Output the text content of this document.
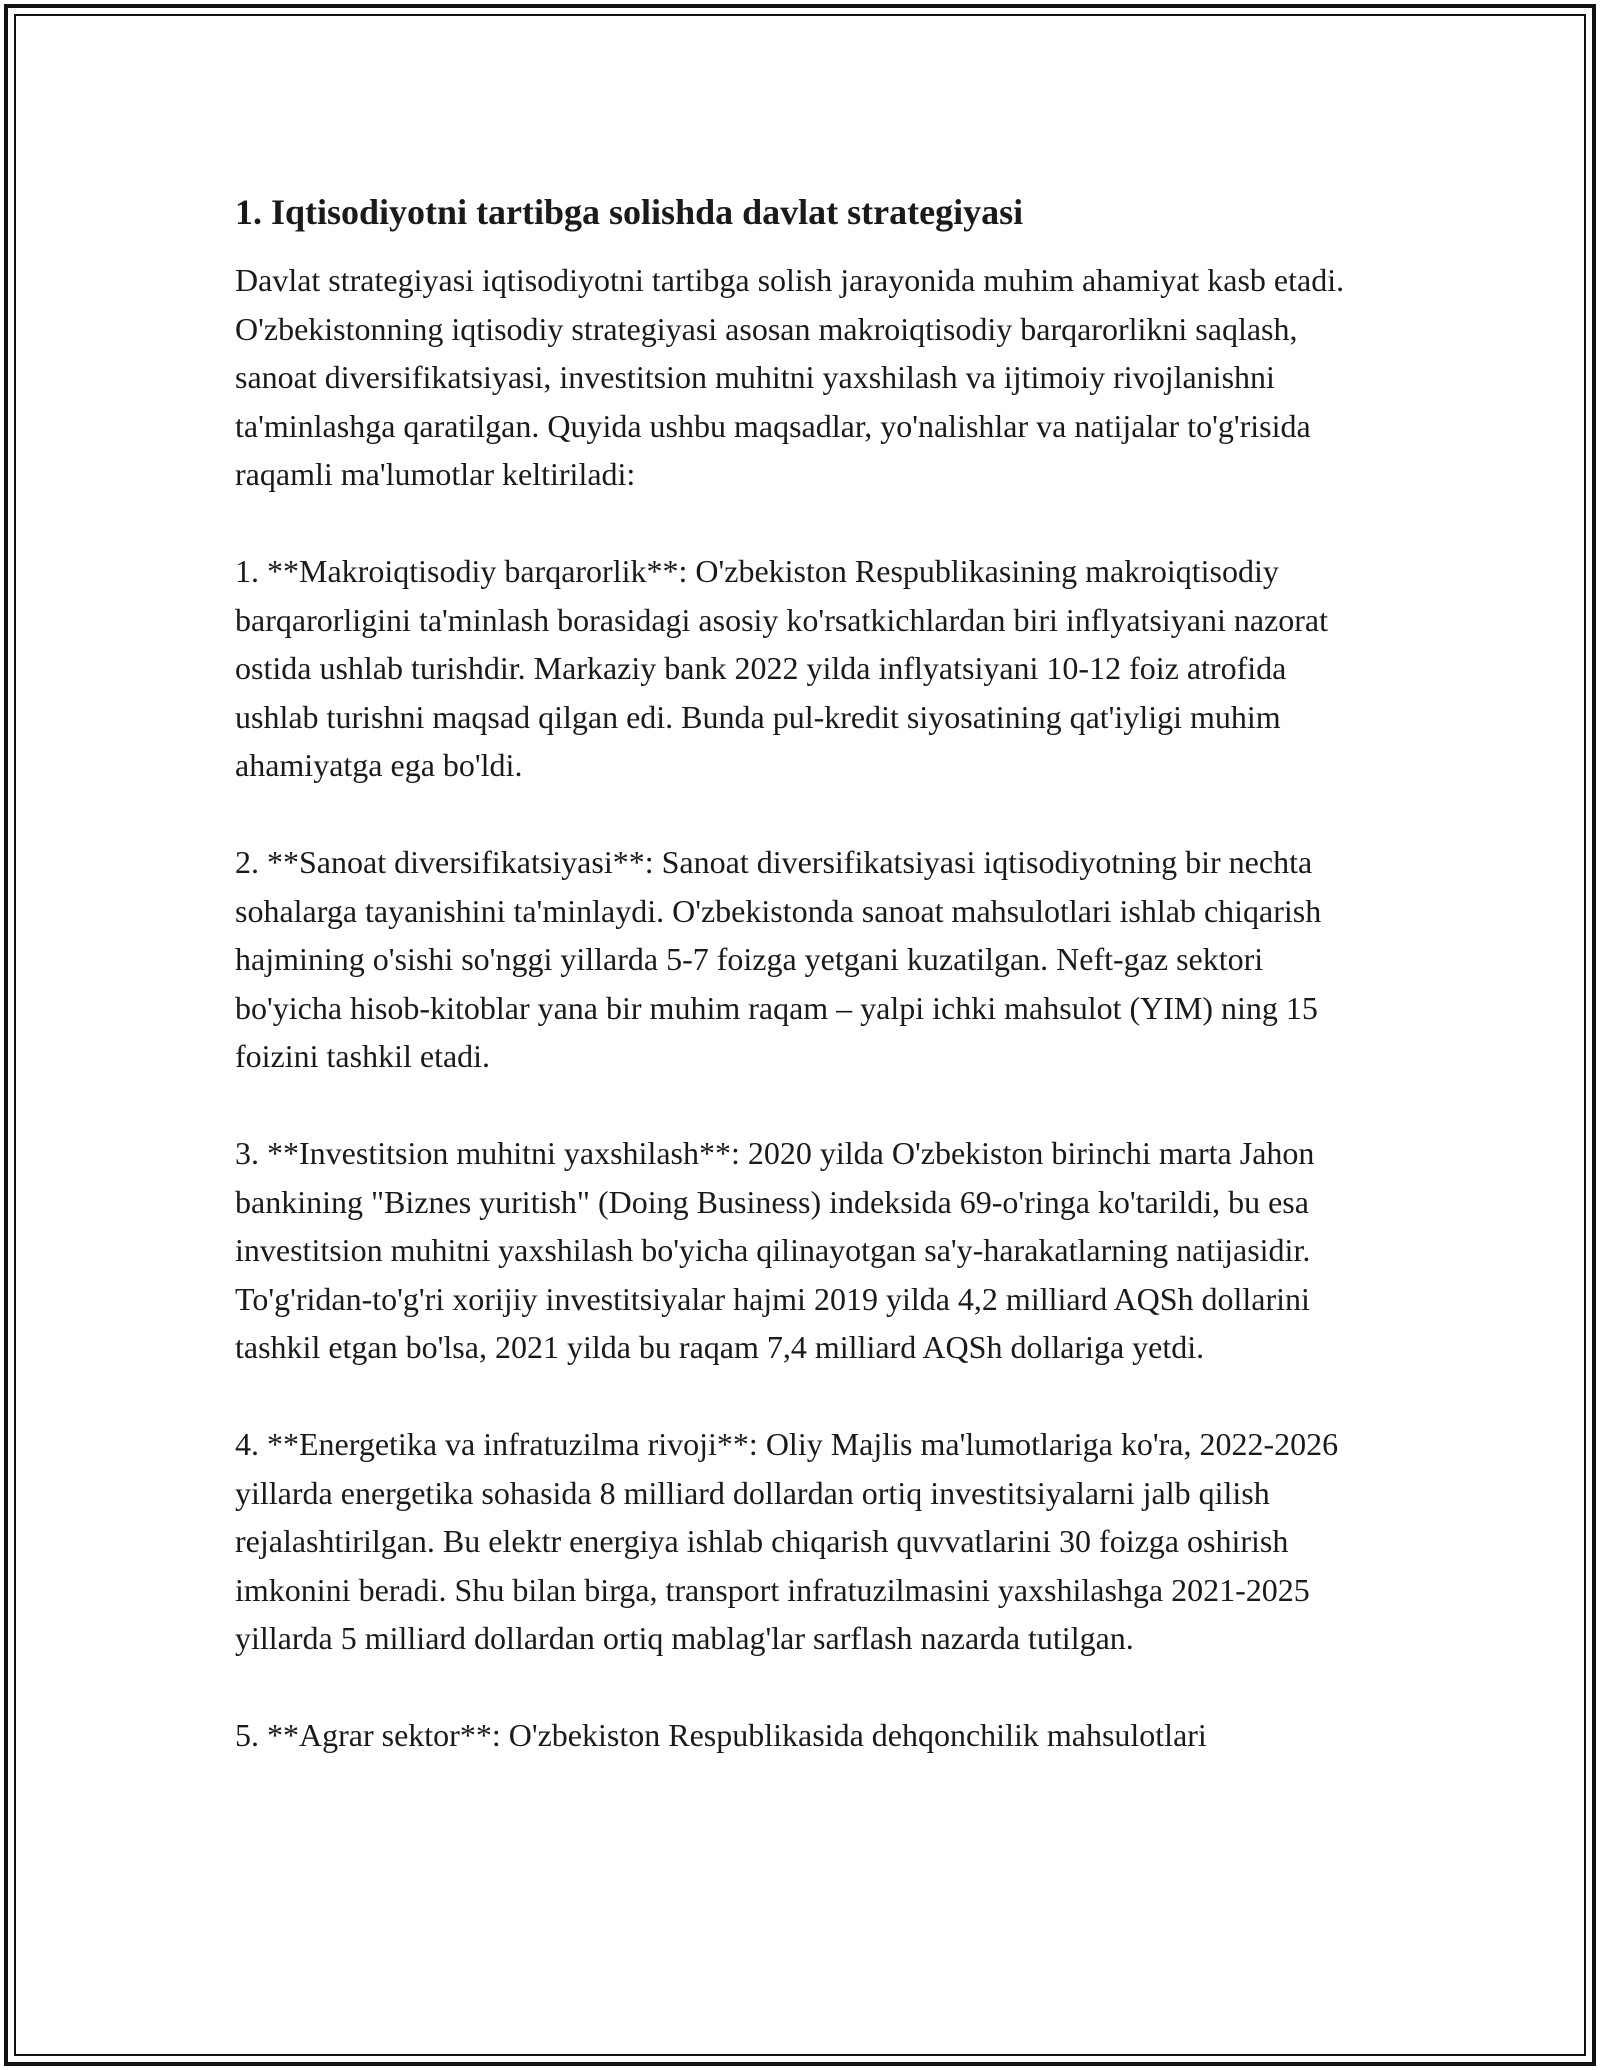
1. Iqtisodiyotni tartibga solishda davlat strategiyasi

Davlat strategiyasi iqtisodiyotni tartibga solish jarayonida muhim ahamiyat kasb etadi. O'zbekistonning iqtisodiy strategiyasi asosan makroiqtisodiy barqarorlikni saqlash, sanoat diversifikatsiyasi, investitsion muhitni yaxshilash va ijtimoiy rivojlanishni ta'minlashga qaratilgan. Quyida ushbu maqsadlar, yo'nalishlar va natijalar to'g'risida raqamli ma'lumotlar keltiriladi:

1. **Makroiqtisodiy barqarorlik**: O'zbekiston Respublikasining makroiqtisodiy barqarorligini ta'minlash borasidagi asosiy ko'rsatkichlardan biri inflyatsiyani nazorat ostida ushlab turishdir. Markaziy bank 2022 yilda inflyatsiyani 10-12 foiz atrofida ushlab turishni maqsad qilgan edi. Bunda pul-kredit siyosatining qat'iyligi muhim ahamiyatga ega bo'ldi.

2. **Sanoat diversifikatsiyasi**: Sanoat diversifikatsiyasi iqtisodiyotning bir nechta sohalarga tayanishini ta'minlaydi. O'zbekistonda sanoat mahsulotlari ishlab chiqarish hajmining o'sishi so'nggi yillarda 5-7 foizga yetgani kuzatilgan. Neft-gaz sektori bo'yicha hisob-kitoblar yana bir muhim raqam – yalpi ichki mahsulot (YIM) ning 15 foizini tashkil etadi.

3. **Investitsion muhitni yaxshilash**: 2020 yilda O'zbekiston birinchi marta Jahon bankining "Biznes yuritish" (Doing Business) indeksida 69-o'ringa ko'tarildi, bu esa investitsion muhitni yaxshilash bo'yicha qilinayotgan sa'y-harakatlarning natijasidir. To'g'ridan-to'g'ri xorijiy investitsiyalar hajmi 2019 yilda 4,2 milliard AQSh dollarini tashkil etgan bo'lsa, 2021 yilda bu raqam 7,4 milliard AQSh dollariga yetdi.

4. **Energetika va infratuzilma rivoji**: Oliy Majlis ma'lumotlariga ko'ra, 2022-2026 yillarda energetika sohasida 8 milliard dollardan ortiq investitsiyalarni jalb qilish rejalashtirilgan. Bu elektr energiya ishlab chiqarish quvvatlarini 30 foizga oshirish imkonini beradi. Shu bilan birga, transport infratuzilmasini yaxshilashga 2021-2025 yillarda 5 milliard dollardan ortiq mablag'lar sarflash nazarda tutilgan.

5. **Agrar sektor**: O'zbekiston Respublikasida dehqonchilik mahsulotlari
